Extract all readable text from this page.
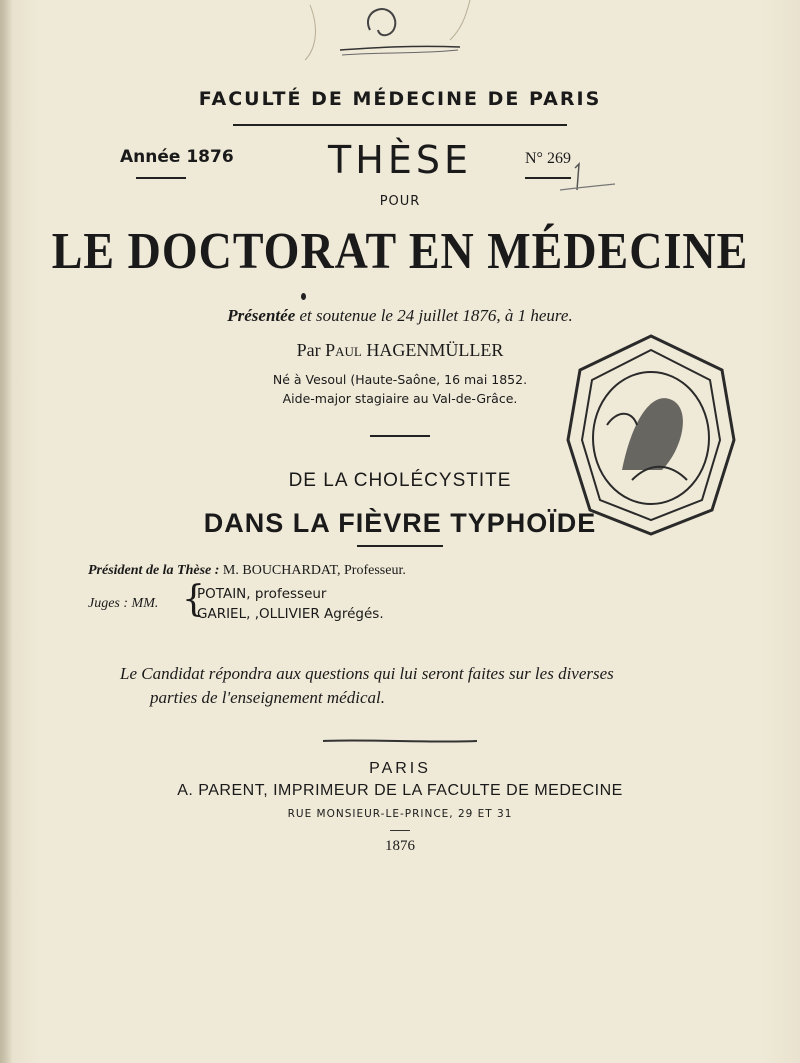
FACULTÉ DE MÉDECINE DE PARIS
Année 1876	THÈSE	N° 269
POUR
LE DOCTORAT EN MÉDECINE
Présentée et soutenue le 24 juillet 1876, à 1 heure.
Par Paul HAGENMÜLLER
Né à Vesoul (Haute-Saône, 16 mai 1852.
Aide-major stagiaire au Val-de-Grâce.
DE LA CHOLÉCYSTITE
DANS LA FIÈVRE TYPHOÏDE
Président de la Thèse : M. BOUCHARDAT, Professeur.
Juges : MM. {
POTAIN, professeur
GARIEL, ,OLLIVIER Agrégés.
Le Candidat répondra aux questions qui lui seront faites sur les diverses
parties de l'enseignement médical.
PARIS
A. PARENT, IMPRIMEUR DE LA FACULTE DE MEDECINE
RUE MONSIEUR-LE-PRINCE, 29 ET 31
1876
